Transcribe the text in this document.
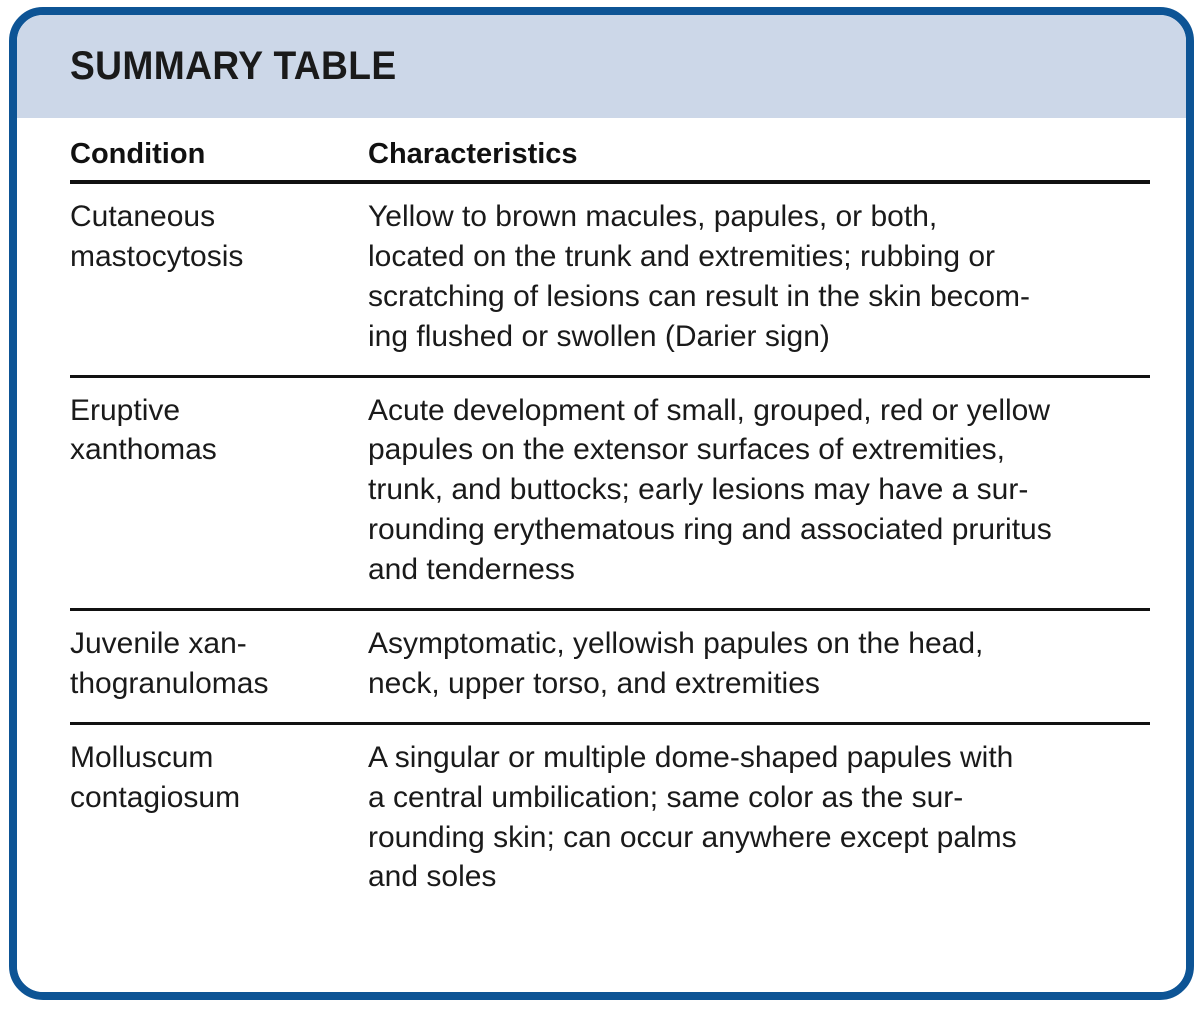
SUMMARY TABLE
Condition	Characteristics

Cutaneous
mastocytosis	Yellow to brown macules, papules, or both,
located on the trunk and extremities; rubbing or
scratching of lesions can result in the skin becom-
ing flushed or swollen (Darier sign)

Eruptive
xanthomas	Acute development of small, grouped, red or yellow
papules on the extensor surfaces of extremities,
trunk, and buttocks; early lesions may have a sur-
rounding erythematous ring and associated pruritus
and tenderness

Juvenile xan-
thogranulomas	Asymptomatic, yellowish papules on the head,
neck, upper torso, and extremities

Molluscum
contagiosum	A singular or multiple dome-shaped papules with
a central umbilication; same color as the sur-
rounding skin; can occur anywhere except palms
and soles
